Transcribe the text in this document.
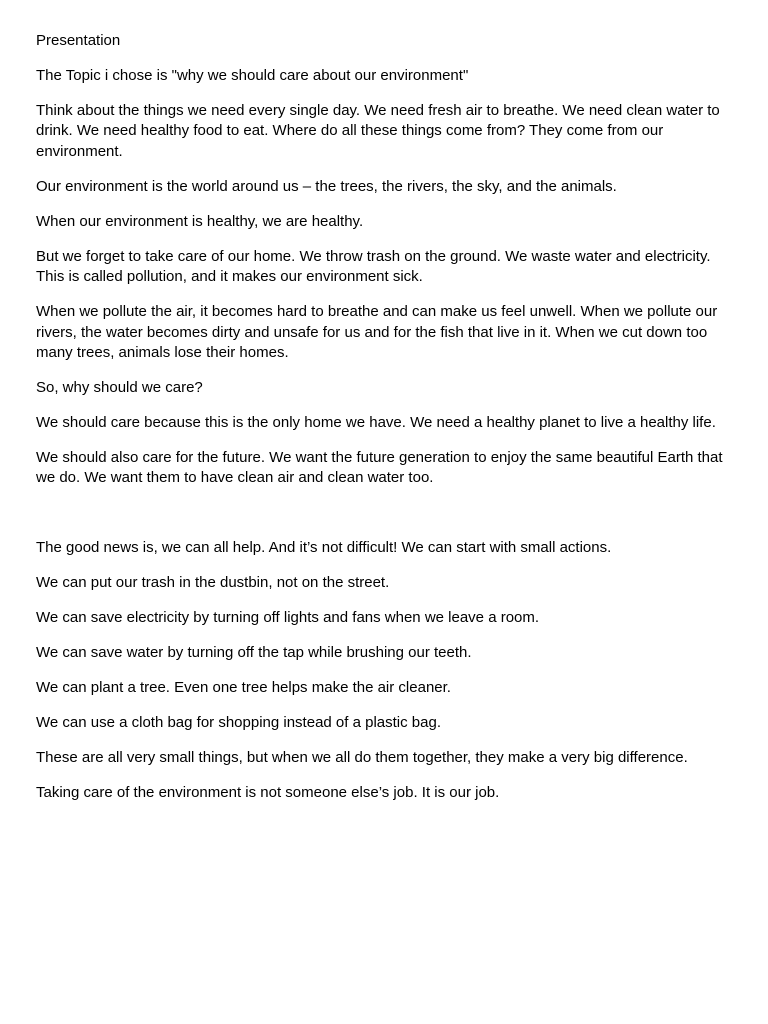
Presentation

The Topic i chose is "why we should care about our environment"

Think about the things we need every single day. We need fresh air to breathe. We need clean water to drink. We need healthy food to eat. Where do all these things come from? They come from our environment.

Our environment is the world around us – the trees, the rivers, the sky, and the animals.

When our environment is healthy, we are healthy.

But we forget to take care of our home. We throw trash on the ground. We waste water and electricity. This is called pollution, and it makes our environment sick.

When we pollute the air, it becomes hard to breathe and can make us feel unwell. When we pollute our rivers, the water becomes dirty and unsafe for us and for the fish that live in it. When we cut down too many trees, animals lose their homes.

So, why should we care?

We should care because this is the only home we have. We need a healthy planet to live a healthy life.

We should also care for the future. We want the future generation to enjoy the same beautiful Earth that we do. We want them to have clean air and clean water too.

The good news is, we can all help. And it’s not difficult! We can start with small actions.

We can put our trash in the dustbin, not on the street.

We can save electricity by turning off lights and fans when we leave a room.

We can save water by turning off the tap while brushing our teeth.

We can plant a tree. Even one tree helps make the air cleaner.

We can use a cloth bag for shopping instead of a plastic bag.

These are all very small things, but when we all do them together, they make a very big difference.

Taking care of the environment is not someone else’s job. It is our job.
